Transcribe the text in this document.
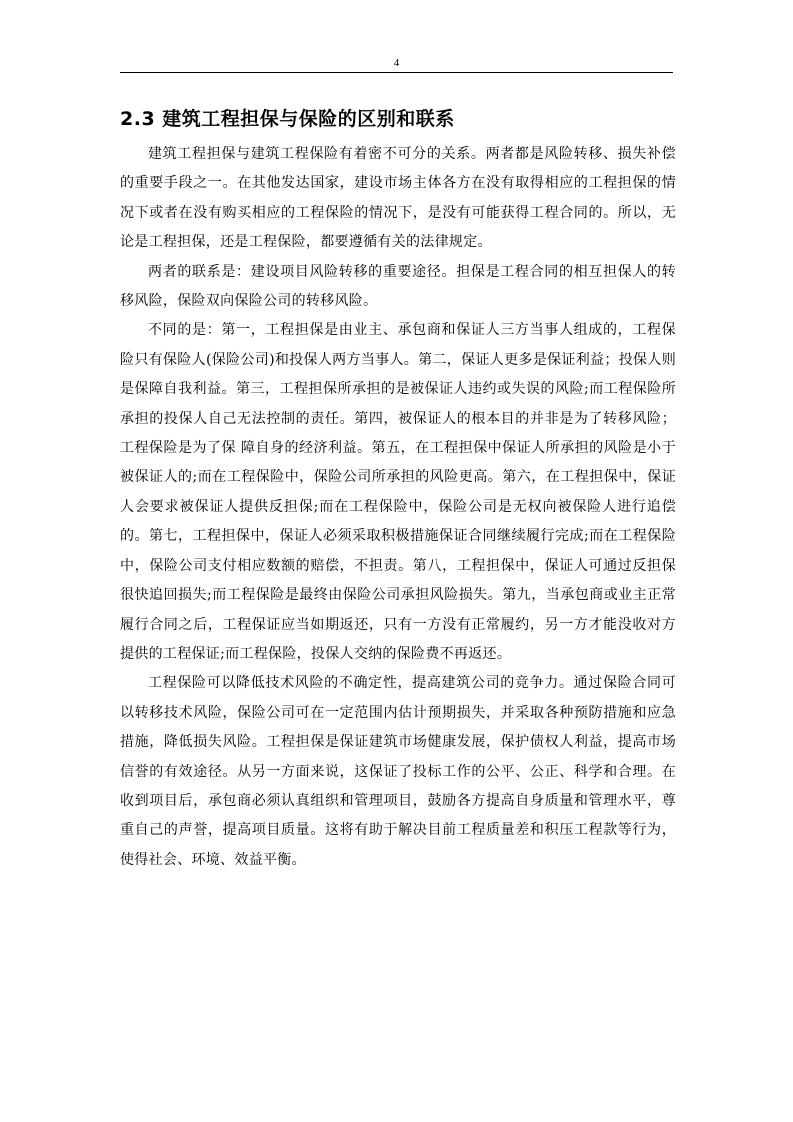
4
2.3 建筑工程担保与保险的区别和联系

建筑工程担保与建筑工程保险有着密不可分的关系。两者都是风险转移、损失补偿的重要手段之一。在其他发达国家，建设市场主体各方在没有取得相应的工程担保的情况下或者在没有购买相应的工程保险的情况下，是没有可能获得工程合同的。所以，无论是工程担保，还是工程保险，都要遵循有关的法律规定。

两者的联系是：建设项目风险转移的重要途径。担保是工程合同的相互担保人的转移风险，保险双向保险公司的转移风险。

不同的是：第一，工程担保是由业主、承包商和保证人三方当事人组成的，工程保险只有保险人(保险公司)和投保人两方当事人。第二，保证人更多是保证利益；投保人则是保障自我利益。第三，工程担保所承担的是被保证人违约或失误的风险;而工程保险所承担的投保人自己无法控制的责任。第四，被保证人的根本目的并非是为了转移风险；工程保险是为了保 障自身的经济利益。第五，在工程担保中保证人所承担的风险是小于被保证人的;而在工程保险中，保险公司所承担的风险更高。第六，在工程担保中，保证人会要求被保证人提供反担保;而在工程保险中，保险公司是无权向被保险人进行追偿的。第七，工程担保中，保证人必须采取积极措施保证合同继续履行完成;而在工程保险中，保险公司支付相应数额的赔偿，不担责。第八，工程担保中，保证人可通过反担保很快追回损失;而工程保险是最终由保险公司承担风险损失。第九，当承包商或业主正常履行合同之后，工程保证应当如期返还，只有一方没有正常履约，另一方才能没收对方提供的工程保证;而工程保险，投保人交纳的保险费不再返还。

工程保险可以降低技术风险的不确定性，提高建筑公司的竞争力。通过保险合同可以转移技术风险，保险公司可在一定范围内估计预期损失，并采取各种预防措施和应急措施，降低损失风险。工程担保是保证建筑市场健康发展，保护债权人利益，提高市场信誉的有效途径。从另一方面来说，这保证了投标工作的公平、公正、科学和合理。在收到项目后，承包商必须认真组织和管理项目，鼓励各方提高自身质量和管理水平，尊重自己的声誉，提高项目质量。这将有助于解决目前工程质量差和积压工程款等行为，使得社会、环境、效益平衡。
